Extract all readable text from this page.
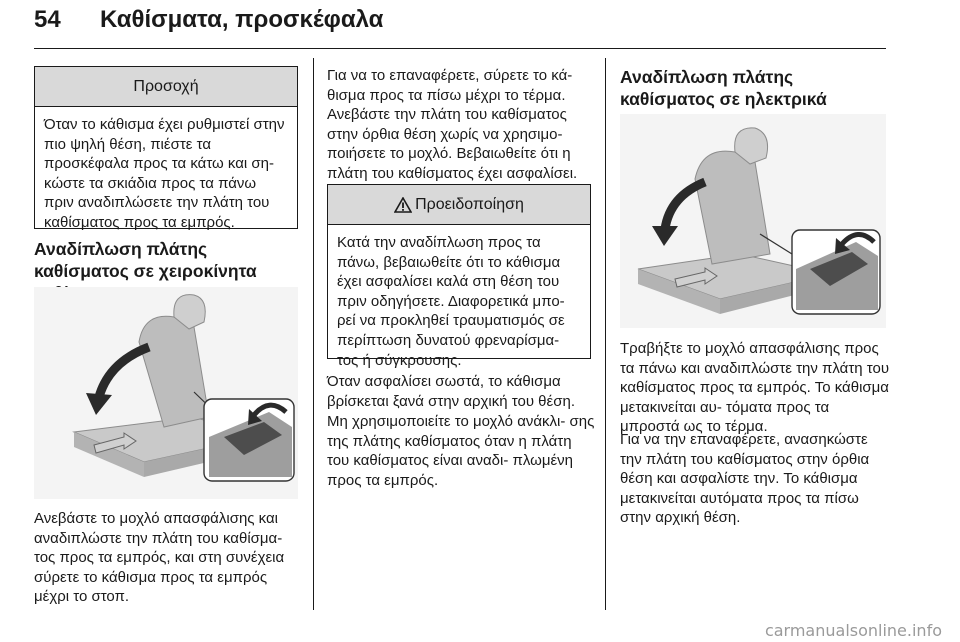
54 Καθίσματα, προσκέφαλα
Προσοχή
Όταν το κάθισμα έχει ρυθμιστεί στην πιο ψηλή θέση, πιέστε τα προσκέφαλα προς τα κάτω και ση- κώστε τα σκιάδια προς τα πάνω πριν αναδιπλώσετε την πλάτη του καθίσματος προς τα εμπρός.
Αναδίπλωση πλάτης καθίσματος σε χειροκίνητα

Ανεβάστε το μοχλό απασφάλισης και αναδιπλώστε την πλάτη του καθίσμα- τος προς τα εμπρός, και στη συνέχεια σύρετε το κάθισμα προς τα εμπρός μέχρι το στοπ.

Για να το επαναφέρετε, σύρετε το κά- θισμα προς τα πίσω μέχρι το τέρμα. Ανεβάστε την πλάτη του καθίσματος στην όρθια θέση χωρίς να χρησιμο- ποιήσετε το μοχλό. Βεβαιωθείτε ότι η πλάτη του καθίσματος έχει ασφαλίσει.

Προειδοποίηση
Κατά την αναδίπλωση προς τα πάνω, βεβαιωθείτε ότι το κάθισμα έχει ασφαλίσει καλά στη θέση του πριν οδηγήσετε. Διαφορετικά μπο- ρεί να προκληθεί τραυματισμός σε περίπτωση δυνατού φρεναρίσμα- τος ή σύγκρουσης.

Όταν ασφαλίσει σωστά, το κάθισμα βρίσκεται ξανά στην αρχική του θέση.

Μη χρησιμοποιείτε το μοχλό ανάκλι- σης της πλάτης καθίσματος όταν η πλάτη του καθίσματος είναι αναδι- πλωμένη προς τα εμπρός.

Αναδίπλωση πλάτης καθίσματος σε ηλεκτρικά

Τραβήξτε το μοχλό απασφάλισης προς τα πάνω και αναδιπλώστε την πλάτη του καθίσματος προς τα εμπρός. Το κάθισμα μετακινείται αυ- τόματα προς τα μπροστά ως το τέρμα.

Για να την επαναφέρετε, ανασηκώστε την πλάτη του καθίσματος στην όρθια θέση και ασφαλίστε την. Το κάθισμα μετακινείται αυτόματα προς τα πίσω στην αρχική θέση.

carmanualsonline.info
